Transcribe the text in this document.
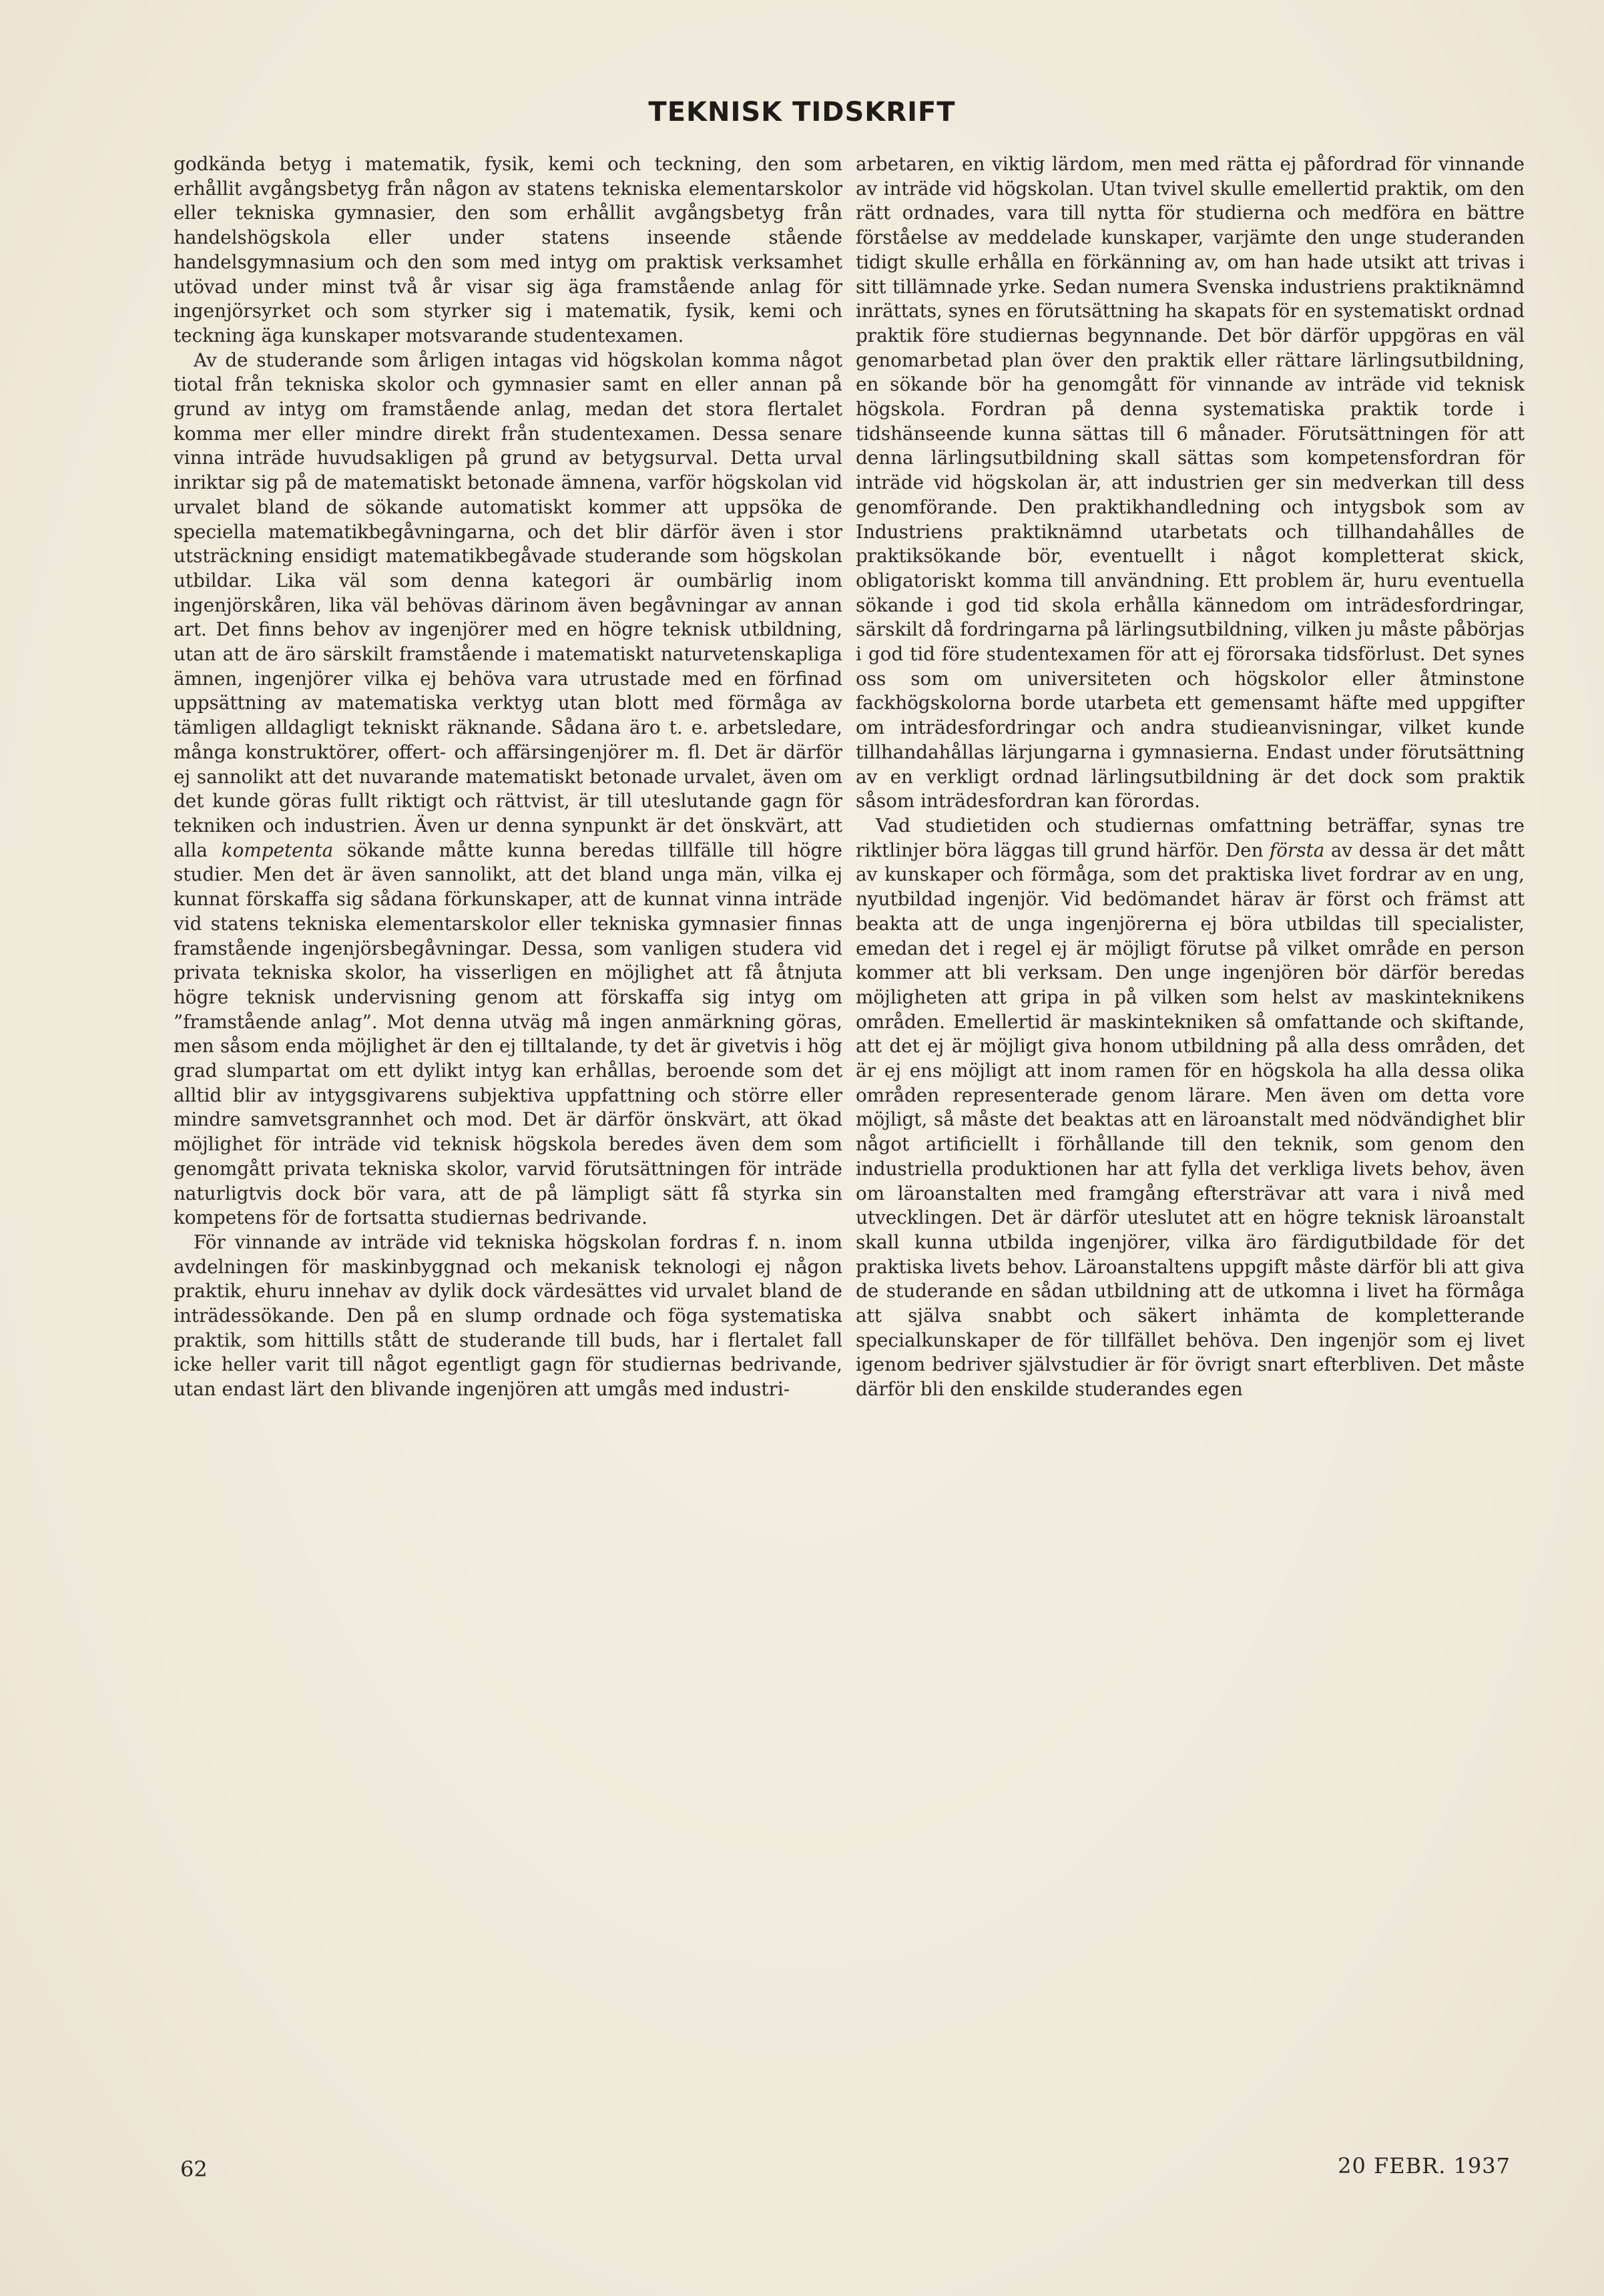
TEKNISK TIDSKRIFT

godkända betyg i matematik, fysik, kemi och teckning, den som erhållit avgångsbetyg från någon av statens tekniska elementarskolor eller tekniska gymnasier, den som erhållit avgångsbetyg från handelshögskola eller under statens inseende stående handelsgymnasium och den som med intyg om praktisk verksamhet utövad under minst två år visar sig äga framstående anlag för ingenjörsyrket och som styrker sig i matematik, fysik, kemi och teckning äga kunskaper motsvarande studentexamen.

Av de studerande som årligen intagas vid högskolan komma något tiotal från tekniska skolor och gymnasier samt en eller annan på grund av intyg om framstående anlag, medan det stora flertalet komma mer eller mindre direkt från studentexamen. Dessa senare vinna inträde huvudsakligen på grund av betygsurval. Detta urval inriktar sig på de matematiskt betonade ämnena, varför högskolan vid urvalet bland de sökande automatiskt kommer att uppsöka de speciella matematikbegåvningarna, och det blir därför även i stor utsträckning ensidigt matematikbegåvade studerande som högskolan utbildar. Lika väl som denna kategori är oumbärlig inom ingenjörskåren, lika väl behövas därinom även begåvningar av annan art. Det finns behov av ingenjörer med en högre teknisk utbildning, utan att de äro särskilt framstående i matematiskt naturvetenskapliga ämnen, ingenjörer vilka ej behöva vara utrustade med en förfinad uppsättning av matematiska verktyg utan blott med förmåga av tämligen alldagligt tekniskt räknande. Sådana äro t. e. arbetsledare, många konstruktörer, offert- och affärsingenjörer m. fl. Det är därför ej sannolikt att det nuvarande matematiskt betonade urvalet, även om det kunde göras fullt riktigt och rättvist, är till uteslutande gagn för tekniken och industrien. Även ur denna synpunkt är det önskvärt, att alla kompetenta sökande måtte kunna beredas tillfälle till högre studier. Men det är även sannolikt, att det bland unga män, vilka ej kunnat förskaffa sig sådana förkunskaper, att de kunnat vinna inträde vid statens tekniska elementarskolor eller tekniska gymnasier finnas framstående ingenjörsbegåvningar. Dessa, som vanligen studera vid privata tekniska skolor, ha visserligen en möjlighet att få åtnjuta högre teknisk undervisning genom att förskaffa sig intyg om ”framstående anlag”. Mot denna utväg må ingen anmärkning göras, men såsom enda möjlighet är den ej tilltalande, ty det är givetvis i hög grad slumpartat om ett dylikt intyg kan erhållas, beroende som det alltid blir av intygsgivarens subjektiva uppfattning och större eller mindre samvetsgrannhet och mod. Det är därför önskvärt, att ökad möjlighet för inträde vid teknisk högskola beredes även dem som genomgått privata tekniska skolor, varvid förutsättningen för inträde naturligtvis dock bör vara, att de på lämpligt sätt få styrka sin kompetens för de fortsatta studiernas bedrivande.

För vinnande av inträde vid tekniska högskolan fordras f. n. inom avdelningen för maskinbyggnad och mekanisk teknologi ej någon praktik, ehuru innehav av dylik dock värdesättes vid urvalet bland de inträdessökande. Den på en slump ordnade och föga systematiska praktik, som hittills stått de studerande till buds, har i flertalet fall icke heller varit till något egentligt gagn för studiernas bedrivande, utan endast lärt den blivande ingenjören att umgås med industri-

arbetaren, en viktig lärdom, men med rätta ej påfordrad för vinnande av inträde vid högskolan. Utan tvivel skulle emellertid praktik, om den rätt ordnades, vara till nytta för studierna och medföra en bättre förståelse av meddelade kunskaper, varjämte den unge studeranden tidigt skulle erhålla en förkänning av, om han hade utsikt att trivas i sitt tillämnade yrke. Sedan numera Svenska industriens praktiknämnd inrättats, synes en förutsättning ha skapats för en systematiskt ordnad praktik före studiernas begynnande. Det bör därför uppgöras en väl genomarbetad plan över den praktik eller rättare lärlingsutbildning, en sökande bör ha genomgått för vinnande av inträde vid teknisk högskola. Fordran på denna systematiska praktik torde i tidshänseende kunna sättas till 6 månader. Förutsättningen för att denna lärlingsutbildning skall sättas som kompetensfordran för inträde vid högskolan är, att industrien ger sin medverkan till dess genomförande. Den praktikhandledning och intygsbok som av Industriens praktiknämnd utarbetats och tillhandahålles de praktiksökande bör, eventuellt i något kompletterat skick, obligatoriskt komma till användning. Ett problem är, huru eventuella sökande i god tid skola erhålla kännedom om inträdesfordringar, särskilt då fordringarna på lärlingsutbildning, vilken ju måste påbörjas i god tid före studentexamen för att ej förorsaka tidsförlust. Det synes oss som om universiteten och högskolor eller åtminstone fackhögskolorna borde utarbeta ett gemensamt häfte med uppgifter om inträdesfordringar och andra studieanvisningar, vilket kunde tillhandahållas lärjungarna i gymnasierna. Endast under förutsättning av en verkligt ordnad lärlingsutbildning är det dock som praktik såsom inträdesfordran kan förordas.

Vad studietiden och studiernas omfattning beträffar, synas tre riktlinjer böra läggas till grund härför. Den första av dessa är det mått av kunskaper och förmåga, som det praktiska livet fordrar av en ung, nyutbildad ingenjör. Vid bedömandet härav är först och främst att beakta att de unga ingenjörerna ej böra utbildas till specialister, emedan det i regel ej är möjligt förutse på vilket område en person kommer att bli verksam. Den unge ingenjören bör därför beredas möjligheten att gripa in på vilken som helst av maskinteknikens områden. Emellertid är maskintekniken så omfattande och skiftande, att det ej är möjligt giva honom utbildning på alla dess områden, det är ej ens möjligt att inom ramen för en högskola ha alla dessa olika områden representerade genom lärare. Men även om detta vore möjligt, så måste det beaktas att en läroanstalt med nödvändighet blir något artificiellt i förhållande till den teknik, som genom den industriella produktionen har att fylla det verkliga livets behov, även om läroanstalten med framgång eftersträvar att vara i nivå med utvecklingen. Det är därför uteslutet att en högre teknisk läroanstalt skall kunna utbilda ingenjörer, vilka äro färdigutbildade för det praktiska livets behov. Läroanstaltens uppgift måste därför bli att giva de studerande en sådan utbildning att de utkomna i livet ha förmåga att själva snabbt och säkert inhämta de kompletterande specialkunskaper de för tillfället behöva. Den ingenjör som ej livet igenom bedriver självstudier är för övrigt snart efterbliven. Det måste därför bli den enskilde studerandes egen

62	20 FEBR. 1937
